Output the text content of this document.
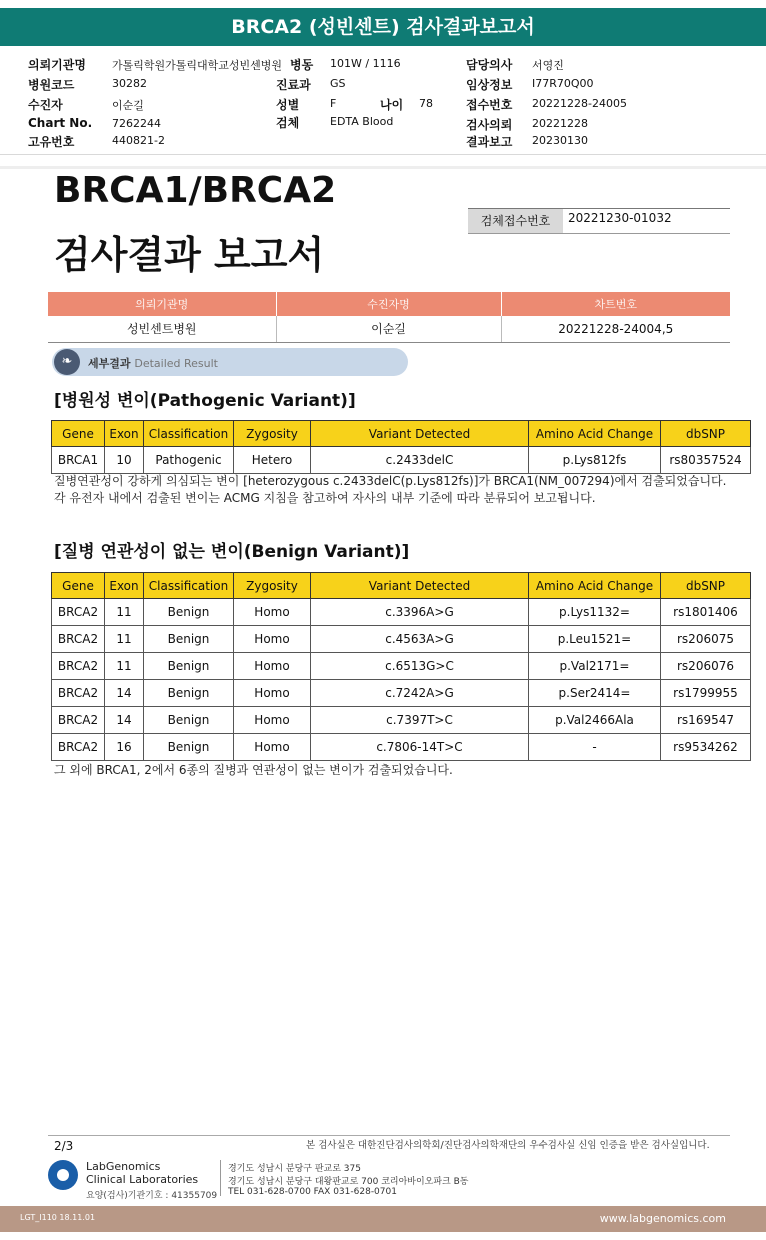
BRCA2 (성빈센트) 검사결과보고서
의뢰기관명 가톨릭학원가톨릭대학교성빈센병원 병동 101W / 1116	담당의사 서영진
병원코드	30282	진료과 GS	임상정보 I77R70Q00
수진자	이순길	성별	F	나이 78	접수번호 20221228-24005
Chart No. 7262244	검체	EDTA Blood	검사의뢰 20221228
고유번호	440821-2	결과보고 20230130
BRCA1/BRCA2
검사결과 보고서
검체접수번호	20221230-01032
의뢰기관명	수진자명	차트번호
성빈센트병원	이순길	20221228-24004,5
❧	세부결과 Detailed Result
[병원성 변이(Pathogenic Variant)]
Gene	Exon	Classification	Zygosity	Variant Detected	Amino Acid Change	dbSNP
BRCA1	10	Pathogenic	Hetero	c.2433delC	p.Lys812fs	rs80357524
질병연관성이 강하게 의심되는 변이 [heterozygous c.2433delC(p.Lys812fs)]가 BRCA1(NM_007294)에서 검출되었습니다.
각 유전자 내에서 검출된 변이는 ACMG 지침을 참고하여 자사의 내부 기준에 따라 분류되어 보고됩니다.
[질병 연관성이 없는 변이(Benign Variant)]
Gene	Exon	Classification	Zygosity	Variant Detected	Amino Acid Change	dbSNP
BRCA2	11	Benign	Homo	c.3396A>G	p.Lys1132=	rs1801406
BRCA2	11	Benign	Homo	c.4563A>G	p.Leu1521=	rs206075
BRCA2	11	Benign	Homo	c.6513G>C	p.Val2171=	rs206076
BRCA2	14	Benign	Homo	c.7242A>G	p.Ser2414=	rs1799955
BRCA2	14	Benign	Homo	c.7397T>C	p.Val2466Ala	rs169547
BRCA2	16	Benign	Homo	c.7806-14T>C	-	rs9534262
그 외에 BRCA1, 2에서 6종의 질병과 연관성이 없는 변이가 검출되었습니다.
2/3	본 검사실은 대한진단검사의학회/진단검사의학재단의 우수검사실 신임 인증을 받은 검사실입니다.
LabGenomics
Clinical Laboratories
요양(검사)기관기호 : 41355709
경기도 성남시 분당구 판교로 375
경기도 성남시 분당구 대왕판교로 700 코리아바이오파크 B동
TEL 031-628-0700 FAX 031-628-0701
LGT_I110 18.11.01	www.labgenomics.com
